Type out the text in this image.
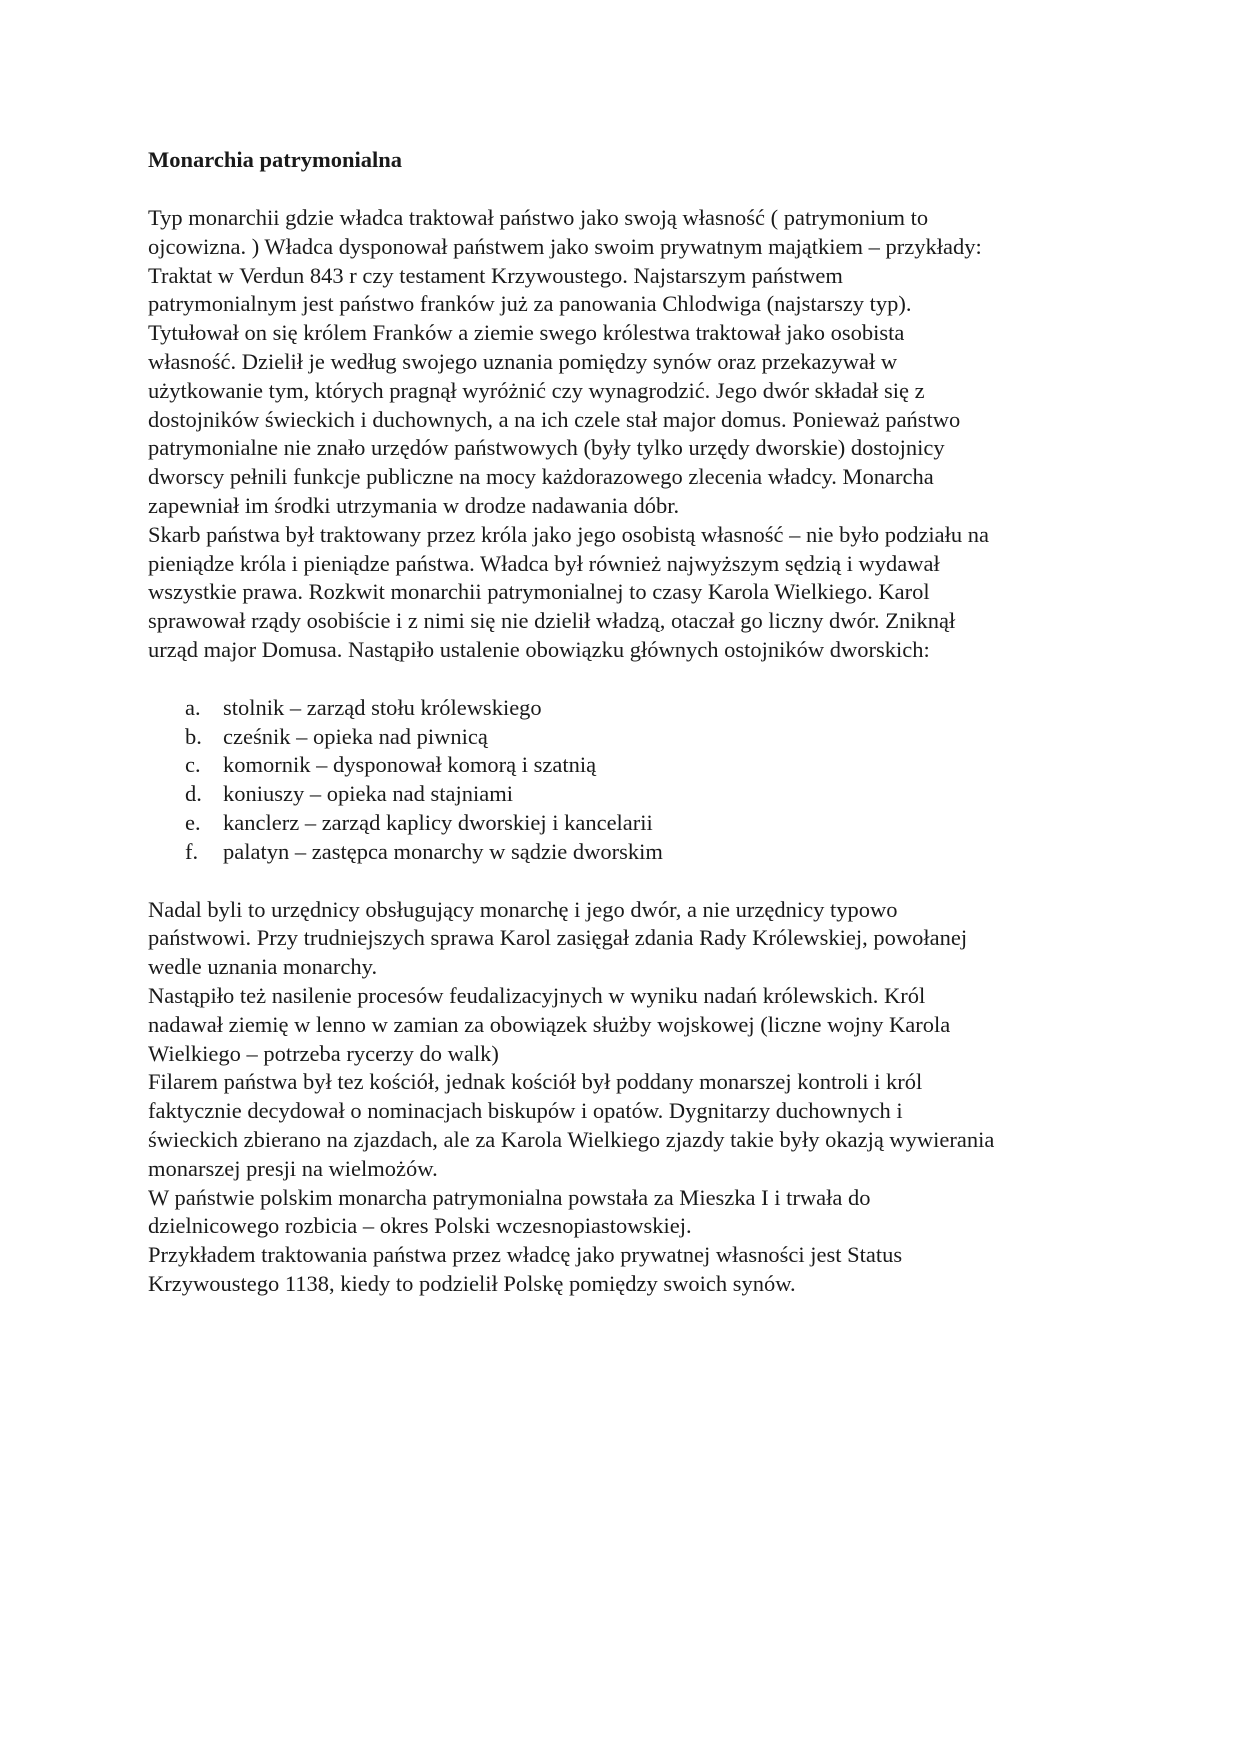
Monarchia patrymonialna
Typ monarchii gdzie władca traktował państwo jako swoją własność ( patrymonium to
ojcowizna. ) Władca dysponował państwem jako swoim prywatnym majątkiem – przykłady:
Traktat w Verdun 843 r czy testament Krzywoustego. Najstarszym państwem
patrymonialnym jest państwo franków już za panowania Chlodwiga (najstarszy typ).
Tytułował on się królem Franków a ziemie swego królestwa traktował jako osobista
własność. Dzielił je według swojego uznania pomiędzy synów oraz przekazywał w
użytkowanie tym, których pragnął wyróżnić czy wynagrodzić. Jego dwór składał się z
dostojników świeckich i duchownych, a na ich czele stał major domus. Ponieważ państwo
patrymonialne nie znało urzędów państwowych (były tylko urzędy dworskie) dostojnicy
dworscy pełnili funkcje publiczne na mocy każdorazowego zlecenia władcy. Monarcha
zapewniał im środki utrzymania w drodze nadawania dóbr.
Skarb państwa był traktowany przez króla jako jego osobistą własność – nie było podziału na
pieniądze króla i pieniądze państwa. Władca był również najwyższym sędzią i wydawał
wszystkie prawa. Rozkwit monarchii patrymonialnej to czasy Karola Wielkiego. Karol
sprawował rządy osobiście i z nimi się nie dzielił władzą, otaczał go liczny dwór. Zniknął
urząd major Domusa. Nastąpiło ustalenie obowiązku głównych ostojników dworskich:
a. stolnik – zarząd stołu królewskiego
b. cześnik – opieka nad piwnicą
c. komornik – dysponował komorą i szatnią
d. koniuszy – opieka nad stajniami
e. kanclerz – zarząd kaplicy dworskiej i kancelarii
f. palatyn – zastępca monarchy w sądzie dworskim
Nadal byli to urzędnicy obsługujący monarchę i jego dwór, a nie urzędnicy typowo
państwowi. Przy trudniejszych sprawa Karol zasięgał zdania Rady Królewskiej, powołanej
wedle uznania monarchy.
Nastąpiło też nasilenie procesów feudalizacyjnych w wyniku nadań królewskich. Król
nadawał ziemię w lenno w zamian za obowiązek służby wojskowej (liczne wojny Karola
Wielkiego – potrzeba rycerzy do walk)
Filarem państwa był tez kościół, jednak kościół był poddany monarszej kontroli i król
faktycznie decydował o nominacjach biskupów i opatów. Dygnitarzy duchownych i
świeckich zbierano na zjazdach, ale za Karola Wielkiego zjazdy takie były okazją wywierania
monarszej presji na wielmożów.
W państwie polskim monarcha patrymonialna powstała za Mieszka I i trwała do
dzielnicowego rozbicia – okres Polski wczesnopiastowskiej.
Przykładem traktowania państwa przez władcę jako prywatnej własności jest Status
Krzywoustego 1138, kiedy to podzielił Polskę pomiędzy swoich synów.
